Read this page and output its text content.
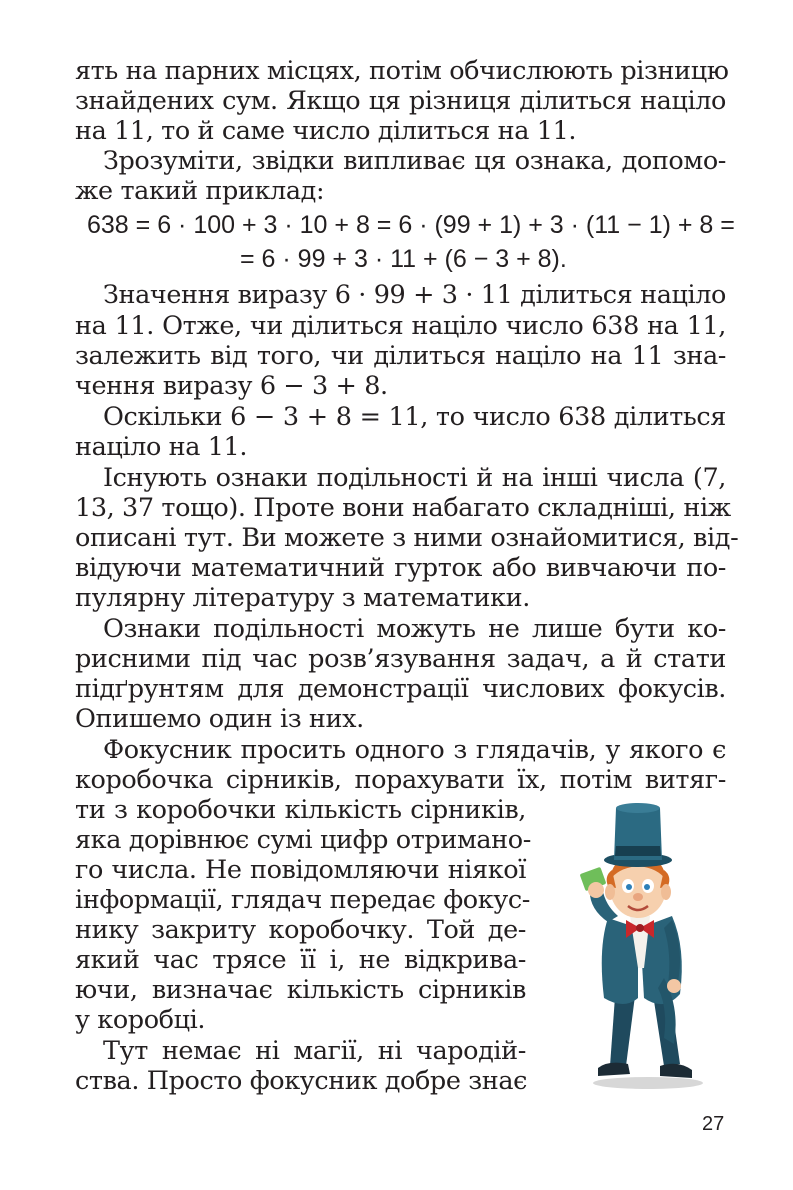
ять на парних місцях, потім обчислюють різницю
знайдених сум. Якщо ця різниця ділиться націло
на 11, то й саме число ділиться на 11.
Зрозуміти, звідки випливає ця ознака, допомо-
же такий приклад:
638 = 6 · 100 + 3 · 10 + 8 = 6 · (99 + 1) + 3 · (11 − 1) + 8 =
= 6 · 99 + 3 · 11 + (6 − 3 + 8).
Значення виразу 6 · 99 + 3 · 11 ділиться націло
на 11. Отже, чи ділиться націло число 638 на 11,
залежить від того, чи ділиться націло на 11 зна-
чення виразу 6 − 3 + 8.
Оскільки 6 − 3 + 8 = 11, то число 638 ділиться
націло на 11.
Існують ознаки подільності й на інші числа (7,
13, 37 тощо). Проте вони набагато складніші, ніж
описані тут. Ви можете з ними ознайомитися, від-
відуючи математичний гурток або вивчаючи по-
пулярну літературу з математики.
Ознаки подільності можуть не лише бути ко-
рисними під час розв’язування задач, а й стати
підґрунтям для демонстрації числових фокусів.
Опишемо один із них.
Фокусник просить одного з глядачів, у якого є
коробочка сірників, порахувати їх, потім витяг-
ти з коробочки кількість сірників,
яка дорівнює сумі цифр отримано-
го числа. Не повідомляючи ніякої
інформації, глядач передає фокус-
нику закриту коробочку. Той де-
який час трясе її і, не відкрива-
ючи, визначає кількість сірників
у коробці.
Тут немає ні магії, ні чародій-
ства. Просто фокусник добре знає
27
